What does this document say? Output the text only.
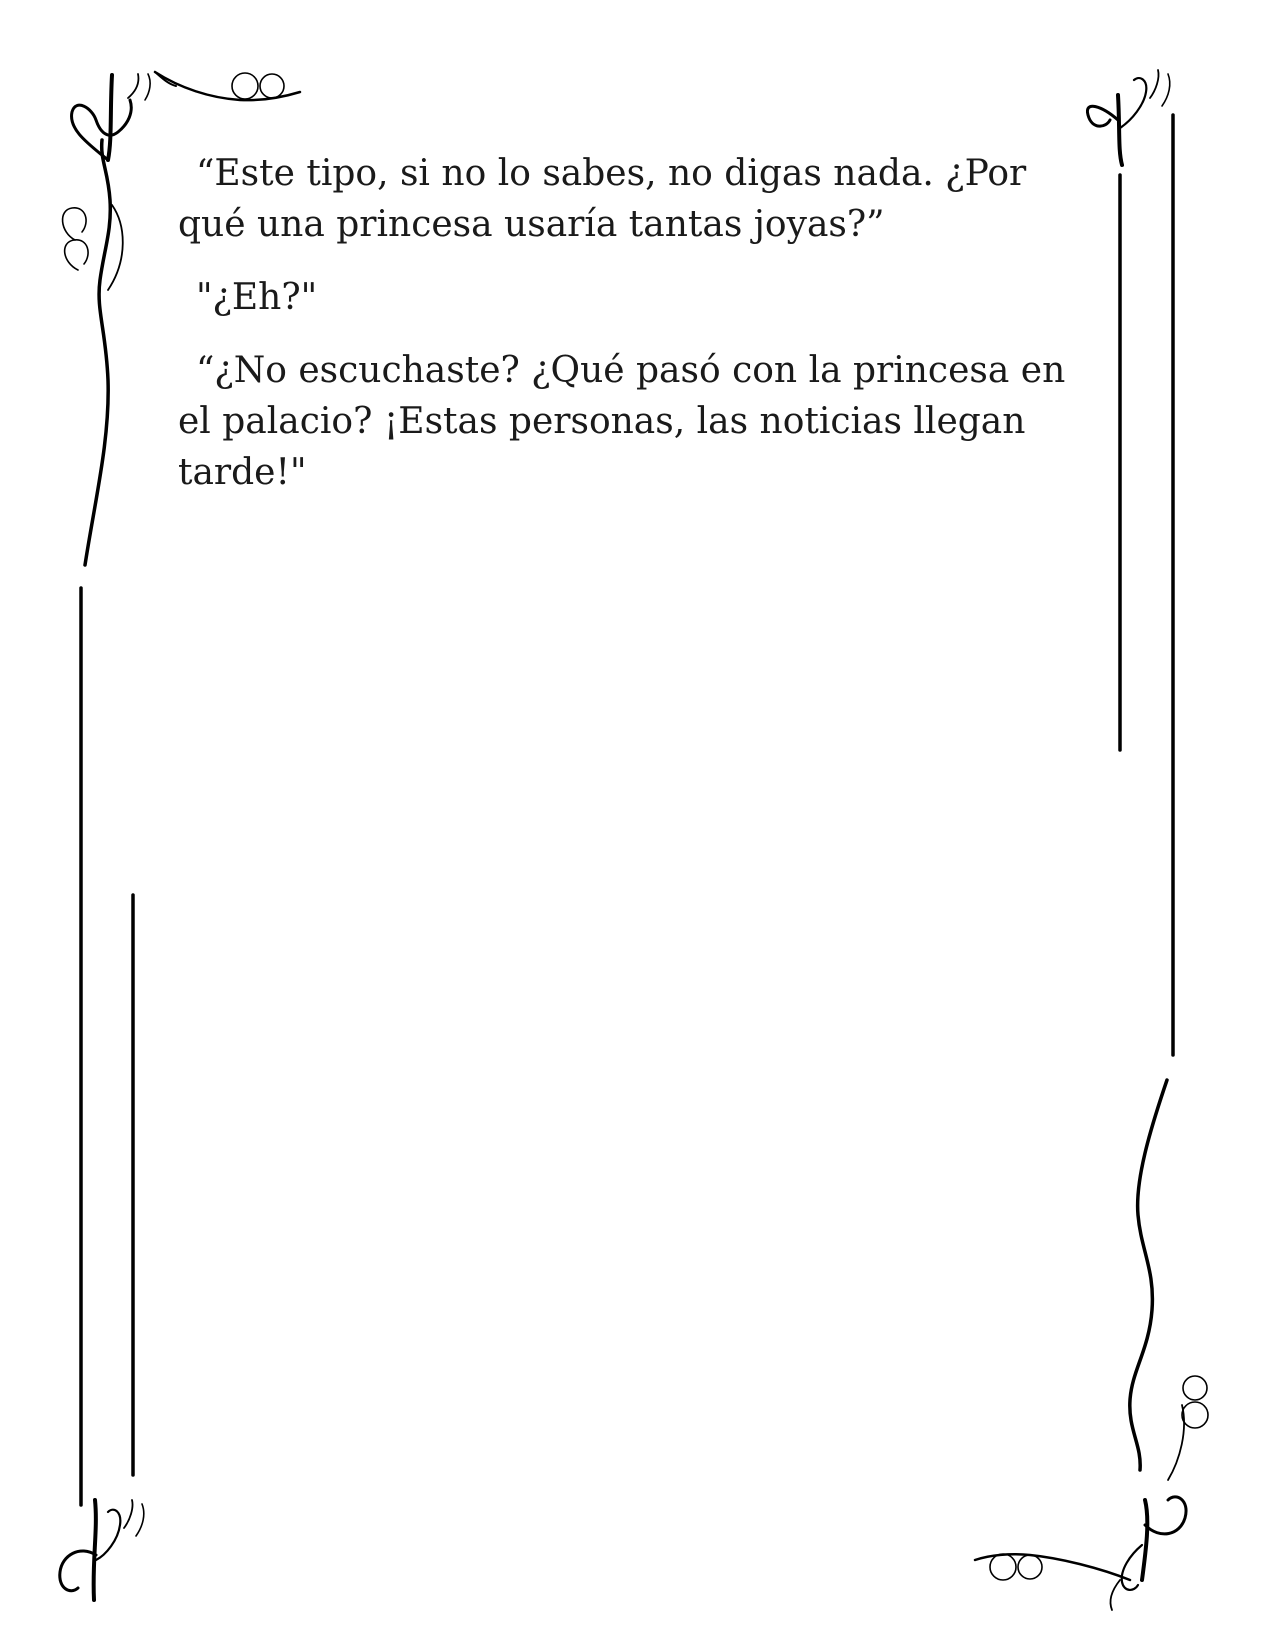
“Este tipo, si no lo sabes, no digas nada. ¿Por qué una princesa usaría tantas joyas?”

"¿Eh?"

“¿No escuchaste? ¿Qué pasó con la princesa en el palacio? ¡Estas personas, las noticias llegan tarde!"
